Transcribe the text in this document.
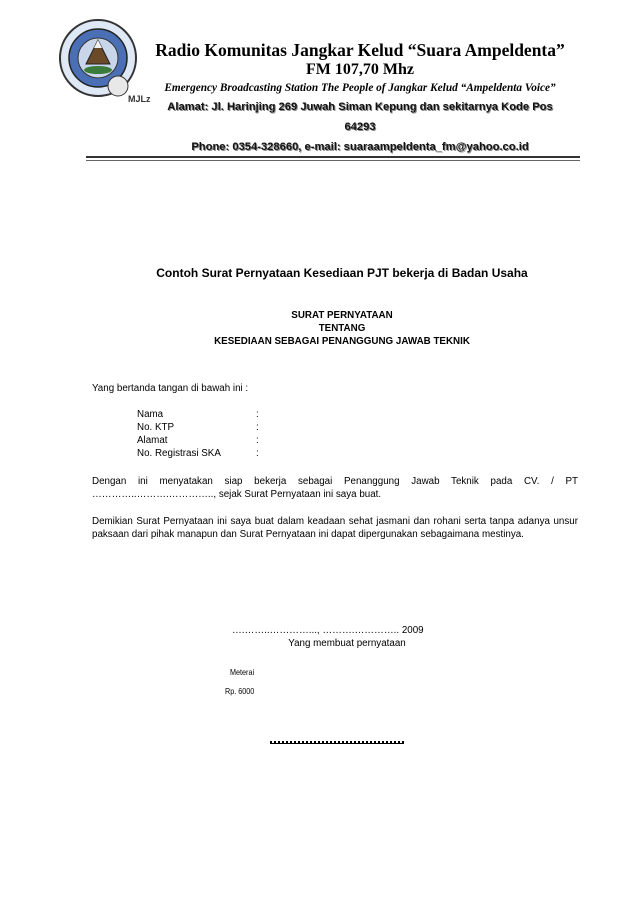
MJLz
Radio Komunitas Jangkar Kelud “Suara Ampeldenta”
FM 107,70 Mhz
Emergency Broadcasting Station The People of Jangkar Kelud “Ampeldenta Voice”
Alamat: Jl. Harinjing 269 Juwah Siman Kepung dan sekitarnya Kode Pos
64293
Phone: 0354-328660, e-mail: suaraampeldenta_fm@yahoo.co.id
Contoh Surat Pernyataan Kesediaan PJT bekerja di Badan Usaha
SURAT PERNYATAAN
TENTANG
KESEDIAAN SEBAGAI PENANGGUNG JAWAB TEKNIK
Yang bertanda tangan di bawah ini :
Nama	:
No. KTP	:
Alamat	:
No. Registrasi SKA	:
Dengan ini menyatakan siap bekerja sebagai Penanggung Jawab Teknik pada CV. / PT …………..……….………….., sejak Surat Pernyataan ini saya buat.
Demikian Surat Pernyataan ini saya buat dalam keadaan sehat jasmani dan rohani serta tanpa adanya unsur paksaan dari pihak manapun dan Surat Pernyataan ini dapat dipergunakan sebagaimana mestinya.
….……..…………..., ……….………….. 2009
Yang membuat pernyataan
Meterai
Rp. 6000
